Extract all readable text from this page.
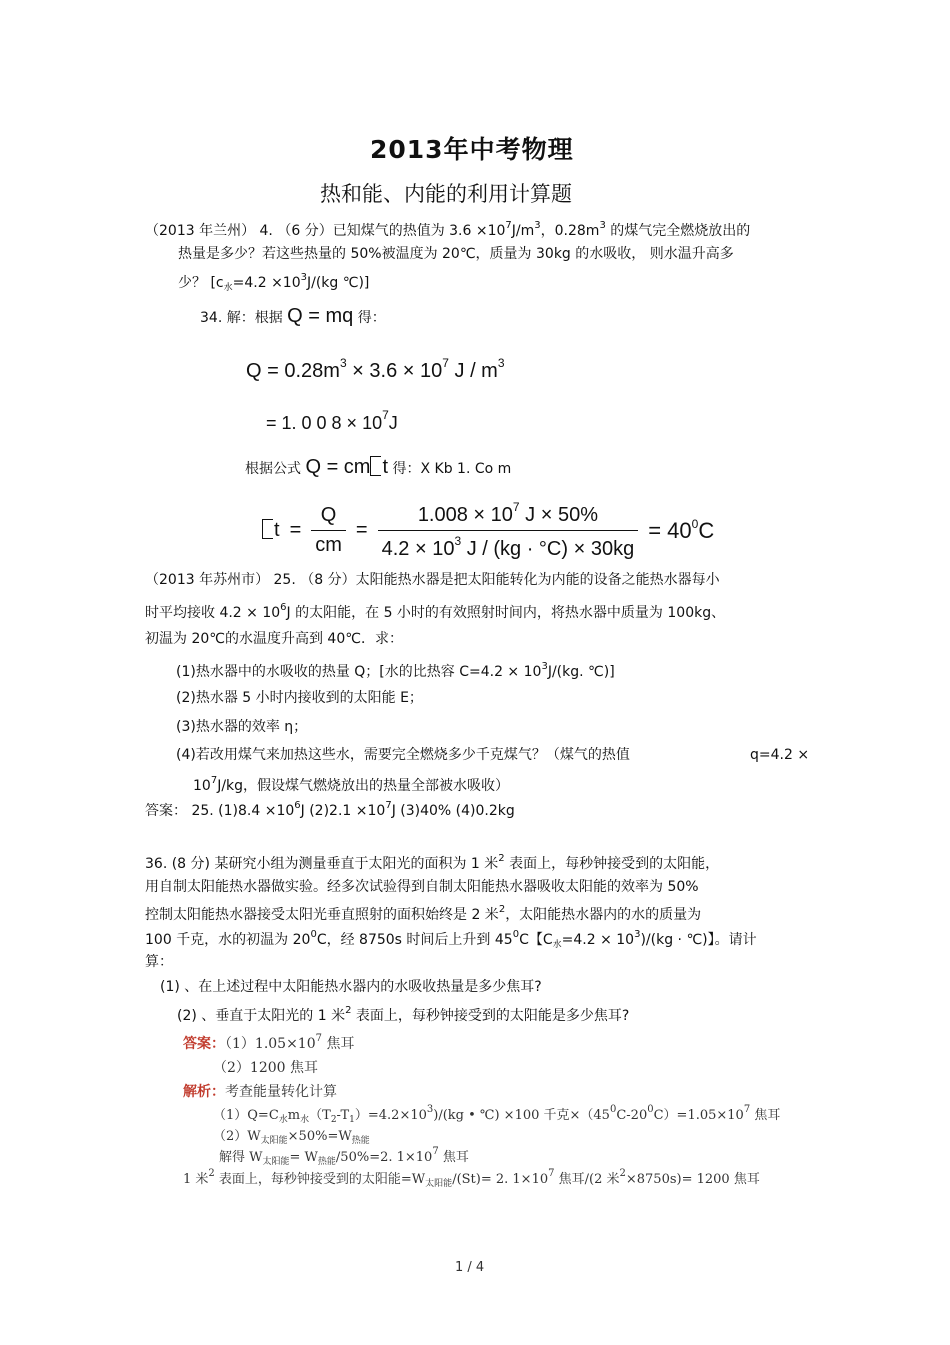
2013年中考物理
热和能、内能的利用计算题
（2013 年兰州） 4. （6 分）已知煤气的热值为 $3.6 \times 10^7J/m^3$，$0.28m^3$ 的煤气完全燃烧放出的
热量是多少？若这些热量的 50%被温度为 20℃，质量为 30kg 的水吸收， 则水温升高多
少？ [$c_水=4.2 \times 10^3J/(kg$ ℃)]
34. 解：根据 Q = mq 得：
$Q = 0.28m^3 \times 3.6 \times 10^7$ J / $m^3$
= 1. 0 0 $8 \times 10^7J$
根据公式 Q = cm t 得：X Kb 1. Co m
$t = \frac{Q}{cm} = \frac{1.008 \times 10^7 J \times 50\%}{4.2 \times 10^3 J / (kg \cdot ^\circ C) \times 30kg} = 40^0C$
（2013 年苏州市） 25. （8 分）太阳能热水器是把太阳能转化为内能的设备之能热水器每小
时平均接收 $4.2 \times 10^6J$ 的太阳能，在 5 小时的有效照射时间内，将热水器中质量为 100kg、
初温为 20℃的水温度升高到 40℃．求：
(1)热水器中的水吸收的热量 Q；[水的比热容 $C=4.2 \times 10^3J/(kg$. ℃)]
(2)热水器 5 小时内接收到的太阳能 E；
(3)热水器的效率 η；
(4)若改用煤气来加热这些水，需要完全燃烧多少千克煤气？（煤气的热值	q=4.2 ×
$10^7J/kg$，假设煤气燃烧放出的热量全部被水吸收）
答案： 25. $(1)8.4 \times 10^6J$ $(2)2.1 \times 10^7J$ (3)40% (4)0.2kg
36. (8 分) 某研究小组为测量垂直于太阳光的面积为 1 米$^2$ 表面上，每秒钟接受到的太阳能，
用自制太阳能热水器做实验。经多次试验得到自制太阳能热水器吸收太阳能的效率为 50%
控制太阳能热水器接受太阳光垂直照射的面积始终是 2 米$^2$，太阳能热水器内的水的质量为
100 千克，水的初温为 $20^0C$，经 8750s 时间后上升到 $45^0C$【$C_水=4.2 \times 10^3)/(kg$ · ℃)】。请计
算：
(1) 、在上述过程中太阳能热水器内的水吸收热量是多少焦耳?
(2) 、垂直于太阳光的 1 米$^2$ 表面上，每秒钟接受到的太阳能是多少焦耳?
答案：$(1)1.05\times 10^7$ 焦耳
（2）1200 焦耳
解析：考查能量转化计算
$(1)Q=C_水m_水(T_2-T_1)=4.2\times 10^3)/(kg$ • ℃) ×100 千克$\times(45^0C-20^0C)=1.05\times 10^7$ 焦耳
$(2)W_{太阳能}\times 50\%=W_{热能}$
解得 $W_{太阳能}= W_{热能}/50\%=2$. $1\times 10^7$ 焦耳
1 米$^2$ 表面上，每秒钟接受到的太阳能$=W_{太阳能}/(St)= 2$. $1\times 10^7$ 焦耳/(2 米$^2$×8750s)= 1200 焦耳
1 / 4
